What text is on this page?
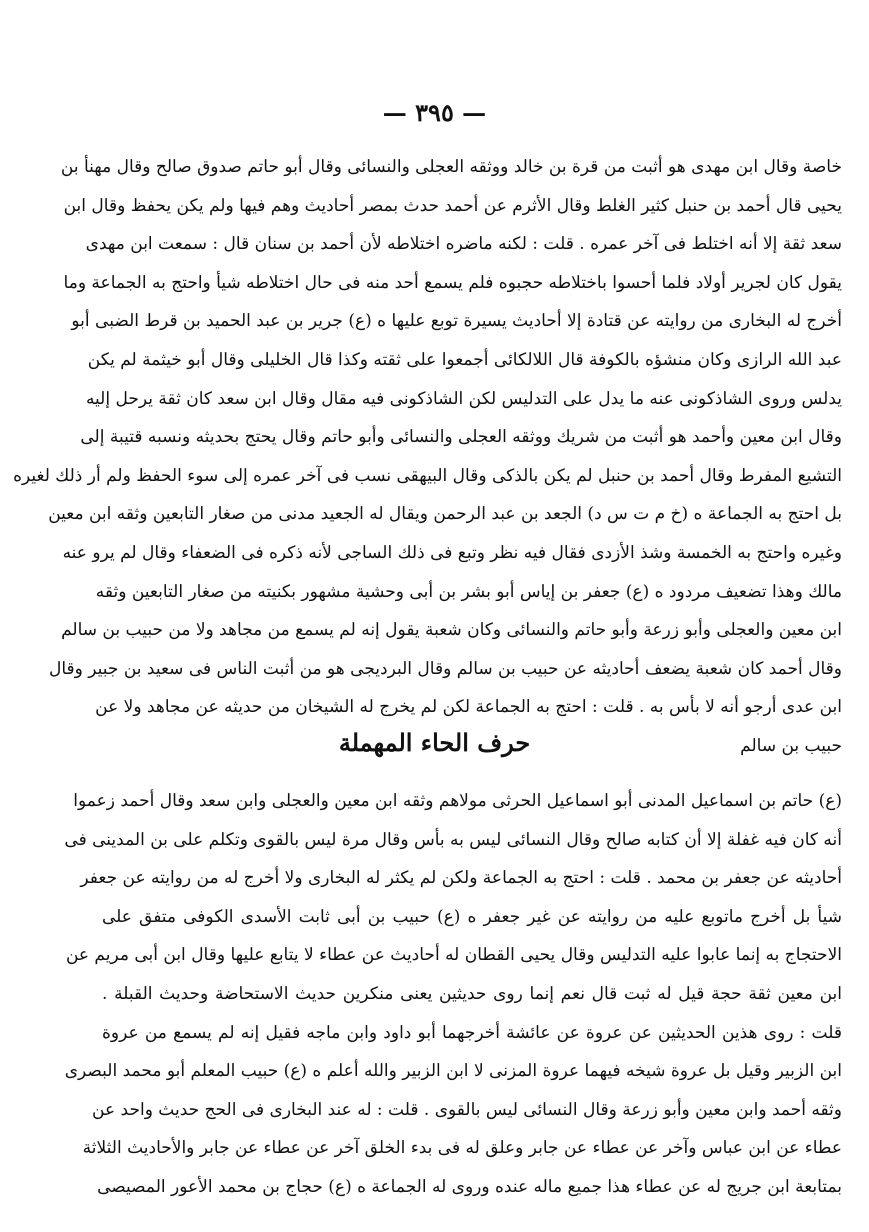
— ٣٩٥ —
خاصة وقال ابن مهدى هو أثبت من قرة بن خالد ووثقه العجلى والنسائى وقال أبو حاتم صدوق صالح وقال مهنأ بن
يحيى قال أحمد بن حنبل كثير الغلط وقال الأثرم عن أحمد حدث بمصر أحاديث وهم فيها ولم يكن يحفظ وقال ابن
سعد ثقة إلا أنه اختلط فى آخر عمره . قلت : لكنه ماضره اختلاطه لأن أحمد بن سنان قال : سمعت ابن مهدى
يقول كان لجرير أولاد فلما أحسوا باختلاطه حجبوه فلم يسمع أحد منه فى حال اختلاطه شيأ واحتج به الجماعة وما
أخرج له البخارى من روايته عن قتادة إلا أحاديث يسيرة توبع عليها ه (ع) جرير بن عبد الحميد بن قرط الضبى أبو
عبد الله الرازى وكان منشؤه بالكوفة قال اللالكائى أجمعوا على ثقته وكذا قال الخليلى وقال أبو خيثمة لم يكن
يدلس وروى الشاذكونى عنه ما يدل على التدليس لكن الشاذكونى فيه مقال وقال ابن سعد كان ثقة يرحل إليه
وقال ابن معين وأحمد هو أثبت من شريك ووثقه العجلى والنسائى وأبو حاتم وقال يحتج بحديثه ونسبه قتيبة إلى
التشيع المفرط وقال أحمد بن حنبل لم يكن بالذكى وقال البيهقى نسب فى آخر عمره إلى سوء الحفظ ولم أر ذلك لغيره
بل احتج به الجماعة ه (خ م ت س د) الجعد بن عبد الرحمن ويقال له الجعيد مدنى من صغار التابعين وثقه ابن معين
وغيره واحتج به الخمسة وشذ الأزدى فقال فيه نظر وتبع فى ذلك الساجى لأنه ذكره فى الضعفاء وقال لم يرو عنه
مالك وهذا تضعيف مردود ه (ع) جعفر بن إياس أبو بشر بن أبى وحشية مشهور بكنيته من صغار التابعين وثقه
ابن معين والعجلى وأبو زرعة وأبو حاتم والنسائى وكان شعبة يقول إنه لم يسمع من مجاهد ولا من حبيب بن سالم
وقال أحمد كان شعبة يضعف أحاديثه عن حبيب بن سالم وقال البرديجى هو من أثبت الناس فى سعيد بن جبير وقال
ابن عدى أرجو أنه لا بأس به . قلت : احتج به الجماعة لكن لم يخرج له الشيخان من حديثه عن مجاهد ولا عن
حبيب بن سالم
حرف الحاء المهملة
(ع) حاتم بن اسماعيل المدنى أبو اسماعيل الحرثى مولاهم وثقه ابن معين والعجلى وابن سعد وقال أحمد زعموا
أنه كان فيه غفلة إلا أن كتابه صالح وقال النسائى ليس به بأس وقال مرة ليس بالقوى وتكلم على بن المدينى فى
أحاديثه عن جعفر بن محمد . قلت : احتج به الجماعة ولكن لم يكثر له البخارى ولا أخرج له من روايته عن جعفر
شيأ بل أخرج ماتوبع عليه من روايته عن غير جعفر ه (ع) حبيب بن أبى ثابت الأسدى الكوفى متفق على
الاحتجاج به إنما عابوا عليه التدليس وقال يحيى القطان له أحاديث عن عطاء لا يتابع عليها وقال ابن أبى مريم عن
ابن معين ثقة حجة قيل له ثبت قال نعم إنما روى حديثين يعنى منكرين حديث الاستحاضة وحديث القبلة .
قلت : روى هذين الحديثين عن عروة عن عائشة أخرجهما أبو داود وابن ماجه فقيل إنه لم يسمع من عروة
ابن الزبير وقيل بل عروة شيخه فيهما عروة المزنى لا ابن الزبير والله أعلم ه (ع) حبيب المعلم أبو محمد البصرى
وثقه أحمد وابن معين وأبو زرعة وقال النسائى ليس بالقوى . قلت : له عند البخارى فى الحج حديث واحد عن
عطاء عن ابن عباس وآخر عن عطاء عن جابر وعلق له فى بدء الخلق آخر عن عطاء عن جابر والأحاديث الثلاثة
بمتابعة ابن جريج له عن عطاء هذا جميع ماله عنده وروى له الجماعة ه (ع) حجاج بن محمد الأعور المصيصى
